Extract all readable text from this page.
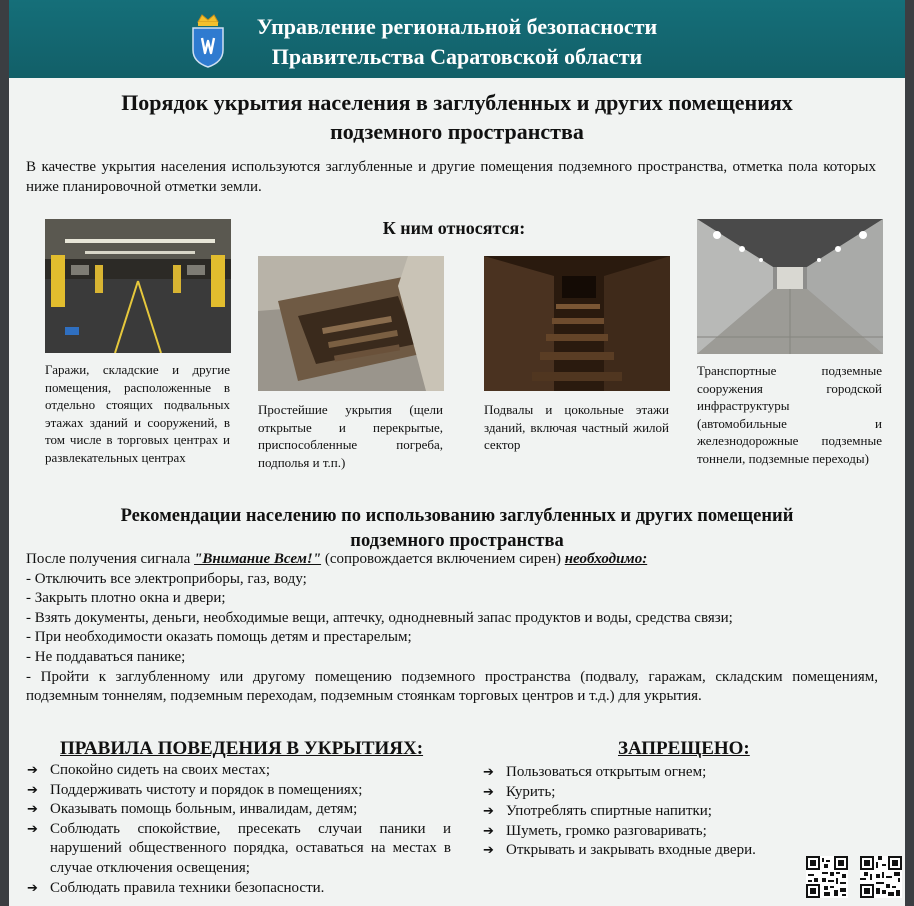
Управление региональной безопасности
Правительства Саратовской области
Порядок укрытия населения в заглубленных и других помещениях
подземного пространства
В качестве укрытия населения используются заглубленные и другие помещения подземного пространства, отметка пола которых ниже планировочной отметки земли.
К ним относятся:
Гаражи, складские и другие помещения, расположенные в отдельно стоящих подвальных этажах зданий и сооружений, в том числе в торговых центрах и развлекательных центрах
Простейшие укрытия (щели открытые и перекрытые, приспособленные погреба, подполья и т.п.)
Подвалы и цокольные этажи зданий, включая частный жилой сектор
Транспортные подземные сооружения городской инфраструктуры (автомобильные и железнодорожные подземные тоннели, подземные переходы)
Рекомендации населению по использованию заглубленных и других помещений
подземного пространства

После получения сигнала "Внимание Всем!" (сопровождается включением сирен) необходимо:

- Отключить все электроприборы, газ, воду;

- Закрыть плотно окна и двери;

- Взять документы, деньги, необходимые вещи, аптечку, однодневный запас продуктов и воды, средства связи;

- При необходимости оказать помощь детям и престарелым;

- Не поддаваться панике;

- Пройти к заглубленному или другому помещению подземного пространства (подвалу, гаражам, складским помещениям, подземным тоннелям, подземным переходам, подземным стоянкам торговых центров и т.д.) для укрытия.

ПРАВИЛА ПОВЕДЕНИЯ В УКРЫТИЯХ:
➔ Спокойно сидеть на своих местах;
➔ Поддерживать чистоту и порядок в помещениях;
➔ Оказывать помощь больным, инвалидам, детям;
➔ Соблюдать спокойствие, пресекать случаи паники и нарушений общественного порядка, оставаться на местах в случае отключения освещения;
➔ Соблюдать правила техники безопасности.
ЗАПРЕЩЕНО:
➔ Пользоваться открытым огнем;
➔ Курить;
➔ Употреблять спиртные напитки;
➔ Шуметь, громко разговаривать;
➔ Открывать и закрывать входные двери.
